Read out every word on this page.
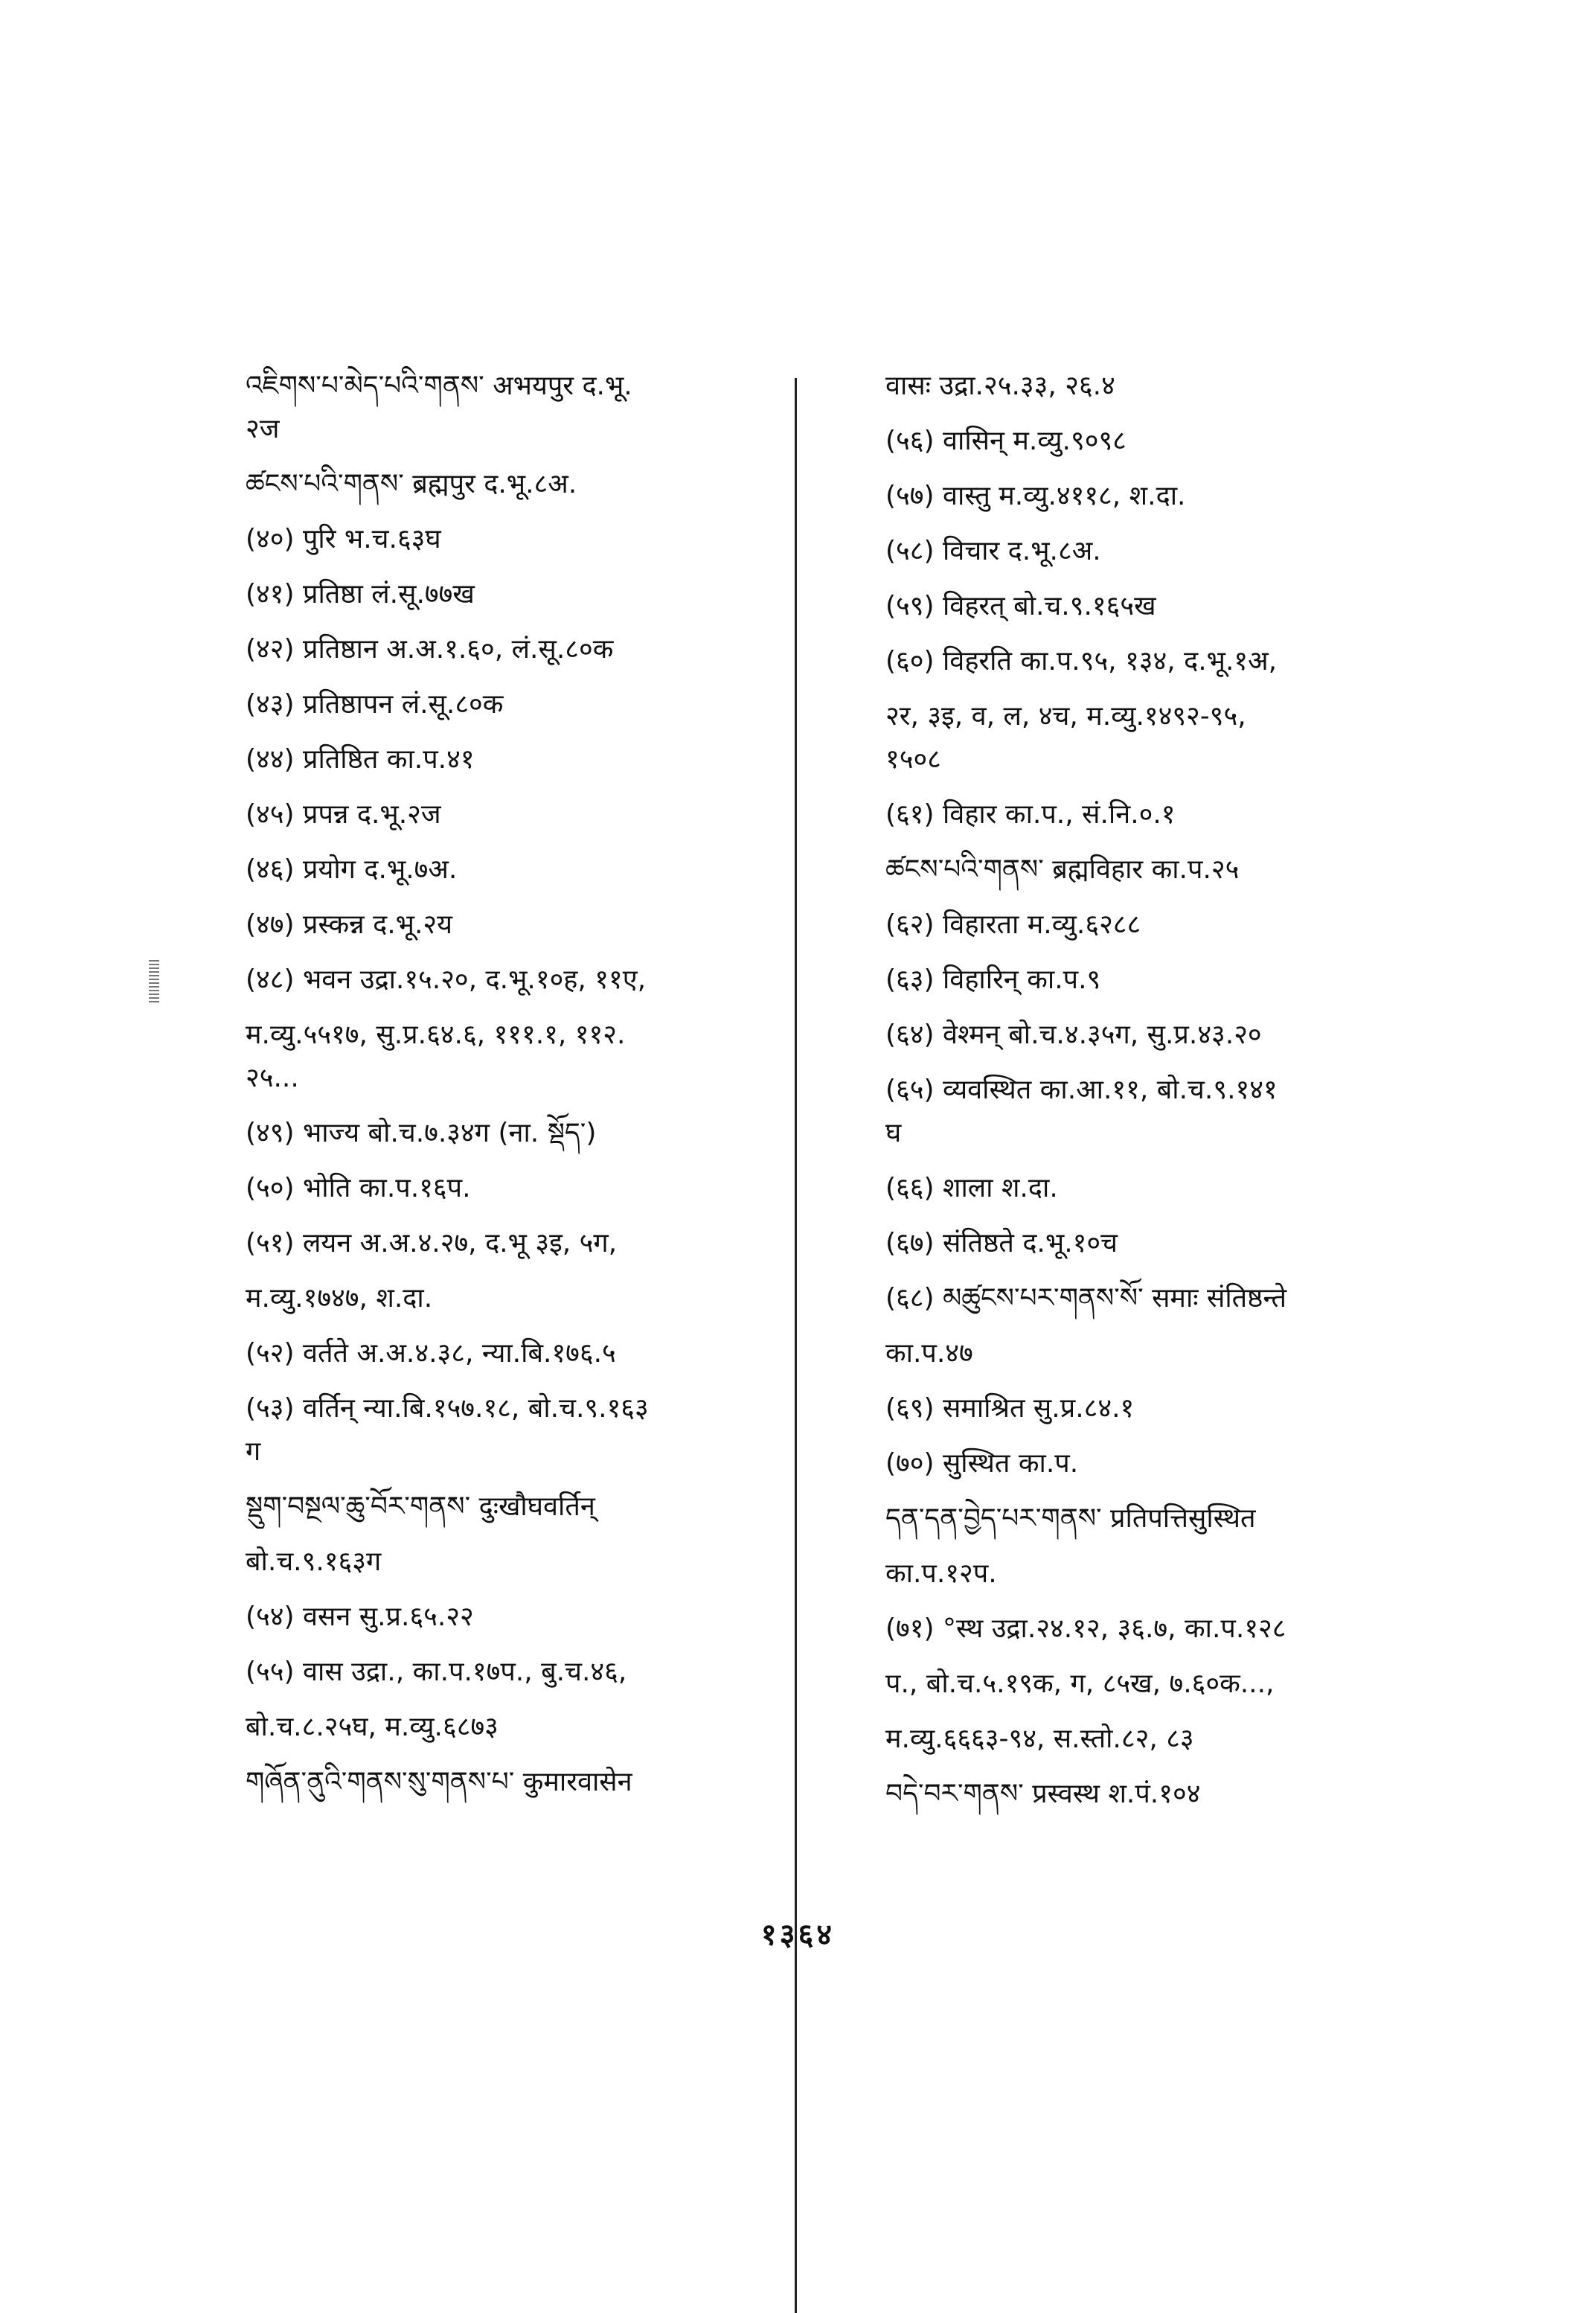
འཇིགས་པ་མེད་པའི་གནས་ अभयपुर द.भू.
२ज
ཚངས་པའི་གནས་ ब्रह्मपुर द.भू.८अ.
(४०) पुरि भ.च.६३घ
(४१) प्रतिष्ठा लं.सू.७७ख
(४२) प्रतिष्ठान अ.अ.१.६०, लं.सू.८०क
(४३) प्रतिष्ठापन लं.सू.८०क
(४४) प्रतिष्ठित का.प.४१
(४५) प्रपन्न द.भू.२ज
(४६) प्रयोग द.भू.७अ.
(४७) प्रस्कन्न द.भू.२य
(४८) भवन उद्रा.१५.२०, द.भू.१०ह, ११ए,
म.व्यु.५५१७, सु.प्र.६४.६, १११.१, ११२.
२५...
(४९) भाज्य बो.च.७.३४ग (ना. སྡོད་)
(५०) भोति का.प.१६प.
(५१) लयन अ.अ.४.२७, द.भू ३इ, ५ग,
म.व्यु.१७४७, श.दा.
(५२) वर्तते अ.अ.४.३८, न्या.बि.१७६.५
(५३) वर्तिन् न्या.बि.१५७.१८, बो.च.९.१६३
ग
སྡུག་བསྔལ་ཆུ་བོར་གནས་ दुःखौघवर्तिन्
बो.च.९.१६३ग
(५४) वसन सु.प्र.६५.२२
(५५) वास उद्रा., का.प.१७प., बु.च.४६,
बो.च.८.२५घ, म.व्यु.६८७३
གཞོན་ནུའི་གནས་སུ་གནས་པ་ कुमारवासेन
वासः उद्रा.२५.३३, २६.४
(५६) वासिन् म.व्यु.९०९८
(५७) वास्तु म.व्यु.४११८, श.दा.
(५८) विचार द.भू.८अ.
(५९) विहरत् बो.च.९.१६५ख
(६०) विहरति का.प.९५, १३४, द.भू.१अ,
२र, ३इ, व, ल, ४च, म.व्यु.१४९२-९५,
१५०८
(६१) विहार का.प., सं.नि.०.१
ཚངས་པའི་གནས་ ब्रह्मविहार का.प.२५
(६२) विहारता म.व्यु.६२८८
(६३) विहारिन् का.प.९
(६४) वेश्मन् बो.च.४.३५ग, सु.प्र.४३.२०
(६५) व्यवस्थित का.आ.११, बो.च.९.१४१
घ
(६६) शाला श.दा.
(६७) संतिष्ठते द.भू.१०च
(६८) མཚུངས་པར་གནས་སོ་ समाः संतिष्ठन्ते
का.प.४७
(६९) समाश्रित सु.प्र.८४.१
(७०) सुस्थित का.प.
དན་དན་བྱེད་པར་གནས་ प्रतिपत्तिसुस्थित
का.प.१२प.
(७१) °स्थ उद्रा.२४.१२, ३६.७, का.प.१२८
प., बो.च.५.१९क, ग, ८५ख, ७.६०क...,
म.व्यु.६६६३-९४, स.स्तो.८२, ८३
བདེ་བར་གནས་ प्रस्वस्थ श.पं.१०४
१३६४
